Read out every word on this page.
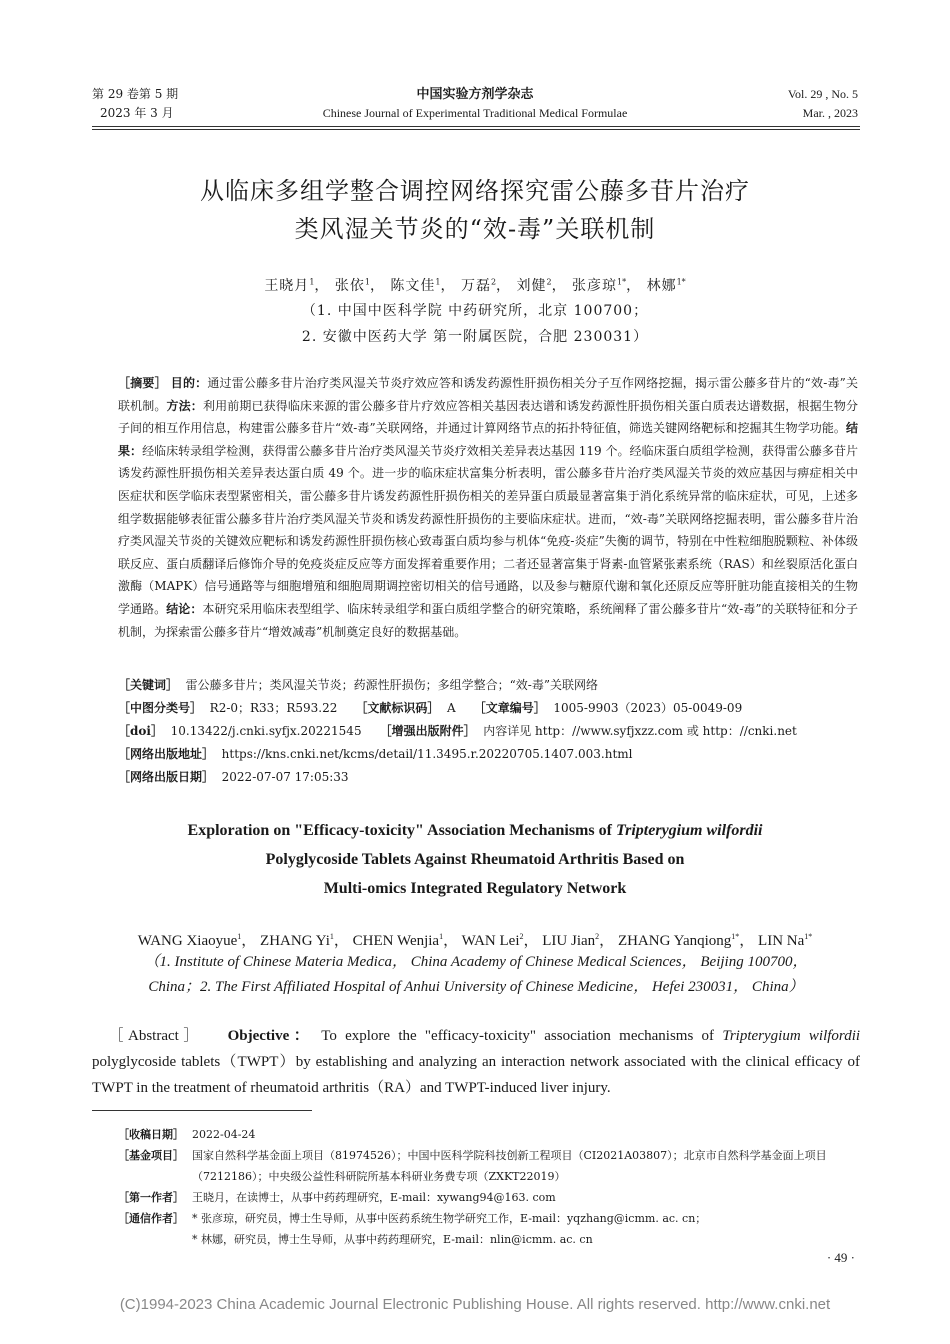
第 29 卷第 5 期
2023 年 3 月
中国实验方剂学杂志
Chinese Journal of Experimental Traditional Medical Formulae
Vol. 29 , No. 5
Mar. , 2023
从临床多组学整合调控网络探究雷公藤多苷片治疗
类风湿关节炎的“效-毒”关联机制
王晓月$^1$， 张依$^1$， 陈文佳$^1$， 万磊$^2$， 刘健$^2$， 张彦琼$^{1*}$， 林娜$^{1*}$
（1. 中国中医科学院 中药研究所，北京 100700；
2. 安徽中医药大学 第一附属医院，合肥 230031）
［摘要］ 目的：通过雷公藤多苷片治疗类风湿关节炎疗效应答和诱发药源性肝损伤相关分子互作网络挖掘，揭示雷公藤多苷片的“效-毒”关联机制。方法：利用前期已获得临床来源的雷公藤多苷片疗效应答相关基因表达谱和诱发药源性肝损伤相关蛋白质表达谱数据，根据生物分子间的相互作用信息，构建雷公藤多苷片“效-毒”关联网络，并通过计算网络节点的拓扑特征值，筛选关键网络靶标和挖掘其生物学功能。结果：经临床转录组学检测，获得雷公藤多苷片治疗类风湿关节炎疗效相关差异表达基因 119 个。经临床蛋白质组学检测，获得雷公藤多苷片诱发药源性肝损伤相关差异表达蛋白质 49 个。进一步的临床症状富集分析表明，雷公藤多苷片治疗类风湿关节炎的效应基因与痹症相关中医症状和医学临床表型紧密相关，雷公藤多苷片诱发药源性肝损伤相关的差异蛋白质最显著富集于消化系统异常的临床症状，可见，上述多组学数据能够表征雷公藤多苷片治疗类风湿关节炎和诱发药源性肝损伤的主要临床症状。进而，“效-毒”关联网络挖掘表明，雷公藤多苷片治疗类风湿关节炎的关键效应靶标和诱发药源性肝损伤核心致毒蛋白质均参与机体“免疫-炎症”失衡的调节，特别在中性粒细胞脱颗粒、补体级联反应、蛋白质翻译后修饰介导的免疫炎症反应等方面发挥着重要作用；二者还显著富集于肾素-血管紧张素系统（RAS）和丝裂原活化蛋白激酶（MAPK）信号通路等与细胞增殖和细胞周期调控密切相关的信号通路，以及参与糖原代谢和氧化还原反应等肝脏功能直接相关的生物学通路。结论：本研究采用临床表型组学、临床转录组学和蛋白质组学整合的研究策略，系统阐释了雷公藤多苷片“效-毒”的关联特征和分子机制，为探索雷公藤多苷片“增效减毒”机制奠定良好的数据基础。
［关键词］ 雷公藤多苷片；类风湿关节炎；药源性肝损伤；多组学整合；“效-毒”关联网络
［中图分类号］ R2-0；R33；R593.22 ［文献标识码］ A ［文章编号］ 1005-9903（2023）05-0049-09
［doi］ 10.13422/j.cnki.syfjx.20221545 ［增强出版附件］ 内容详见 http：//www.syfjxzz.com 或 http：//cnki.net
［网络出版地址］ https://kns.cnki.net/kcms/detail/11.3495.r.20220705.1407.003.html
［网络出版日期］ 2022-07-07 17:05:33
Exploration on "Efficacy-toxicity" Association Mechanisms of Tripterygium wilfordii
Polyglycoside Tablets Against Rheumatoid Arthritis Based on
Multi-omics Integrated Regulatory Network
WANG Xiaoyue$^1$， ZHANG Yi$^1$， CHEN Wenjia$^1$， WAN Lei$^2$， LIU Jian$^2$， ZHANG Yanqiong$^{1*}$， LIN $Na^{1*}$
（1. Institute of Chinese Materia Medica， China Academy of Chinese Medical Sciences， Beijing 100700，
China；2. The First Affiliated Hospital of Anhui University of Chinese Medicine， Hefei 230031， China）
［Abstract］ Objective： To explore the "efficacy-toxicity" association mechanisms of Tripterygium wilfordii polyglycoside tablets（TWPT）by establishing and analyzing an interaction network associated with the clinical efficacy of TWPT in the treatment of rheumatoid arthritis（RA）and TWPT-induced liver injury.
［收稿日期］ 2022-04-24
［基金项目］ 国家自然科学基金面上项目（81974526）；中国中医科学院科技创新工程项目（CI2021A03807）；北京市自然科学基金面上项目（7212186）；中央级公益性科研院所基本科研业务费专项（ZXKT22019）
［第一作者］ 王晓月，在读博士，从事中药药理研究，E-mail：xywang94@163. com
［通信作者］ * 张彦琼，研究员，博士生导师，从事中医药系统生物学研究工作，E-mail：yqzhang@icmm. ac. cn；
* 林娜，研究员，博士生导师，从事中药药理研究，E-mail：nlin@icmm. ac. cn
· 49 ·
(C)1994-2023 China Academic Journal Electronic Publishing House. All rights reserved. http://www.cnki.net
